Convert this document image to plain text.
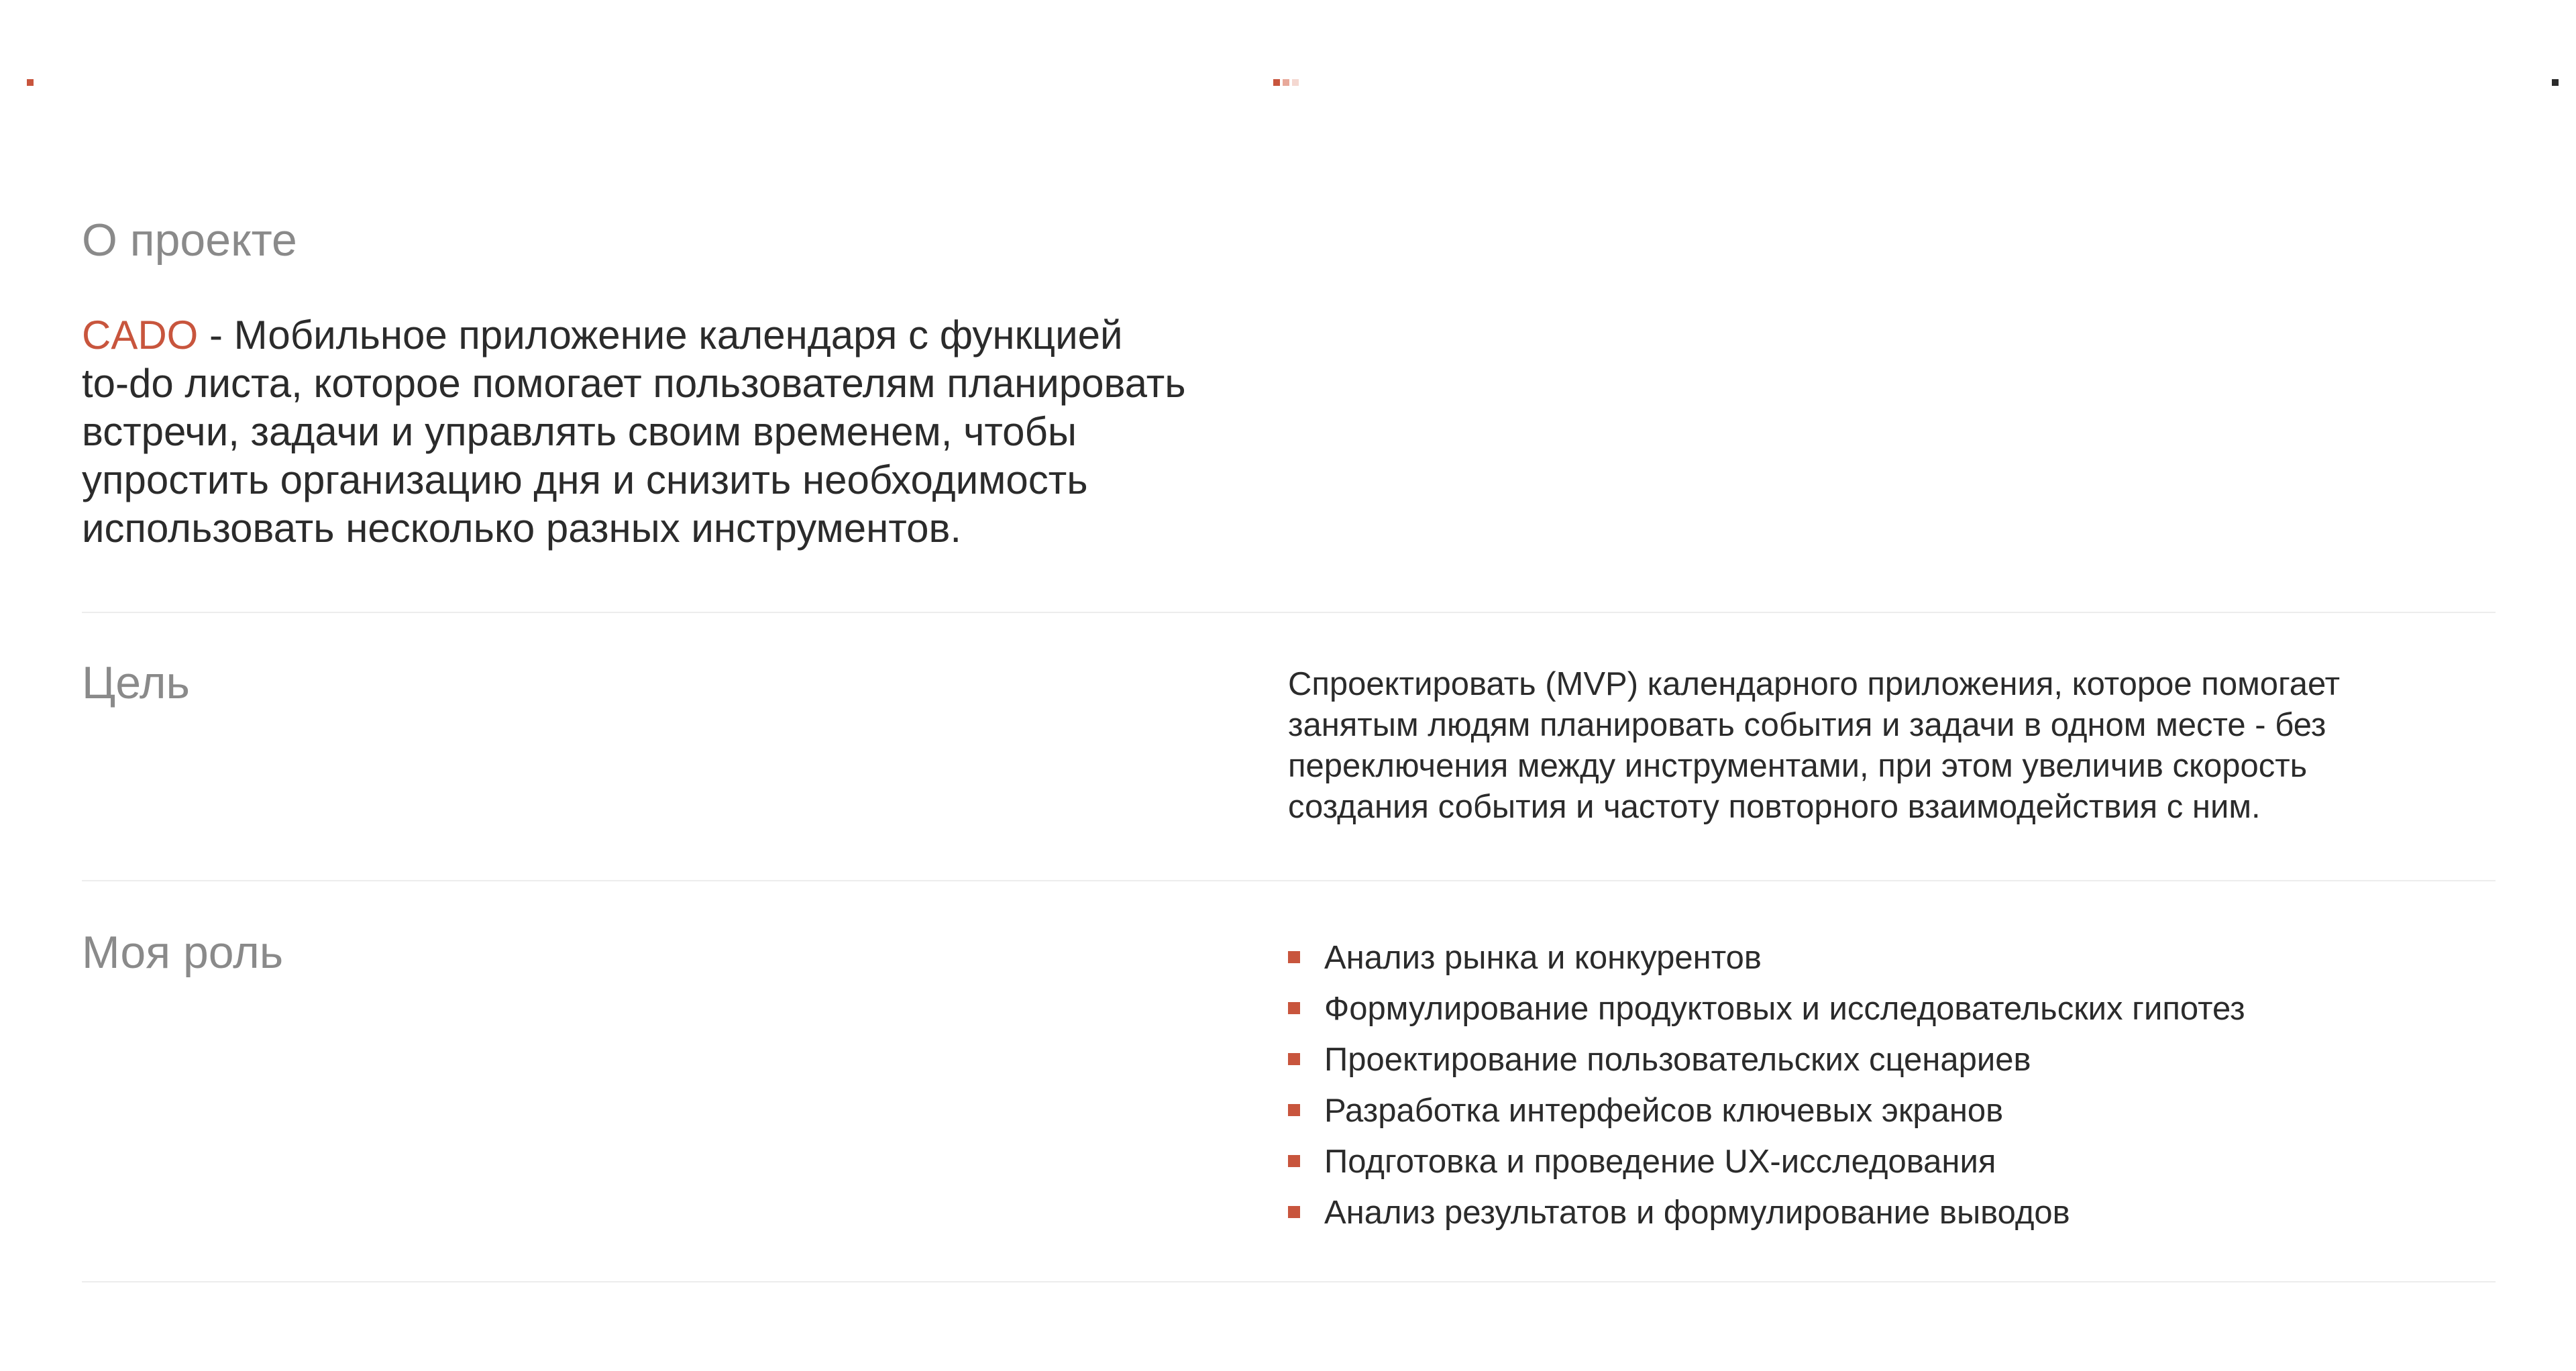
О проекте
CADO - Мобильное приложение календаря с функцией
to-do листа, которое помогает пользователям планировать
встречи, задачи и управлять своим временем, чтобы
упростить организацию дня и снизить необходимость
использовать несколько разных инструментов.
Цель	Спроектировать (MVP) календарного приложения, которое помогает
занятым людям планировать события и задачи в одном месте - без
переключения между инструментами, при этом увеличив скорость
создания события и частоту повторного взаимодействия с ним.
Моя роль	Анализ рынка и конкурентов
Формулирование продуктовых и исследовательских гипотез
Проектирование пользовательских сценариев
Разработка интерфейсов ключевых экранов
Подготовка и проведение UX-исследования
Анализ результатов и формулирование выводов
